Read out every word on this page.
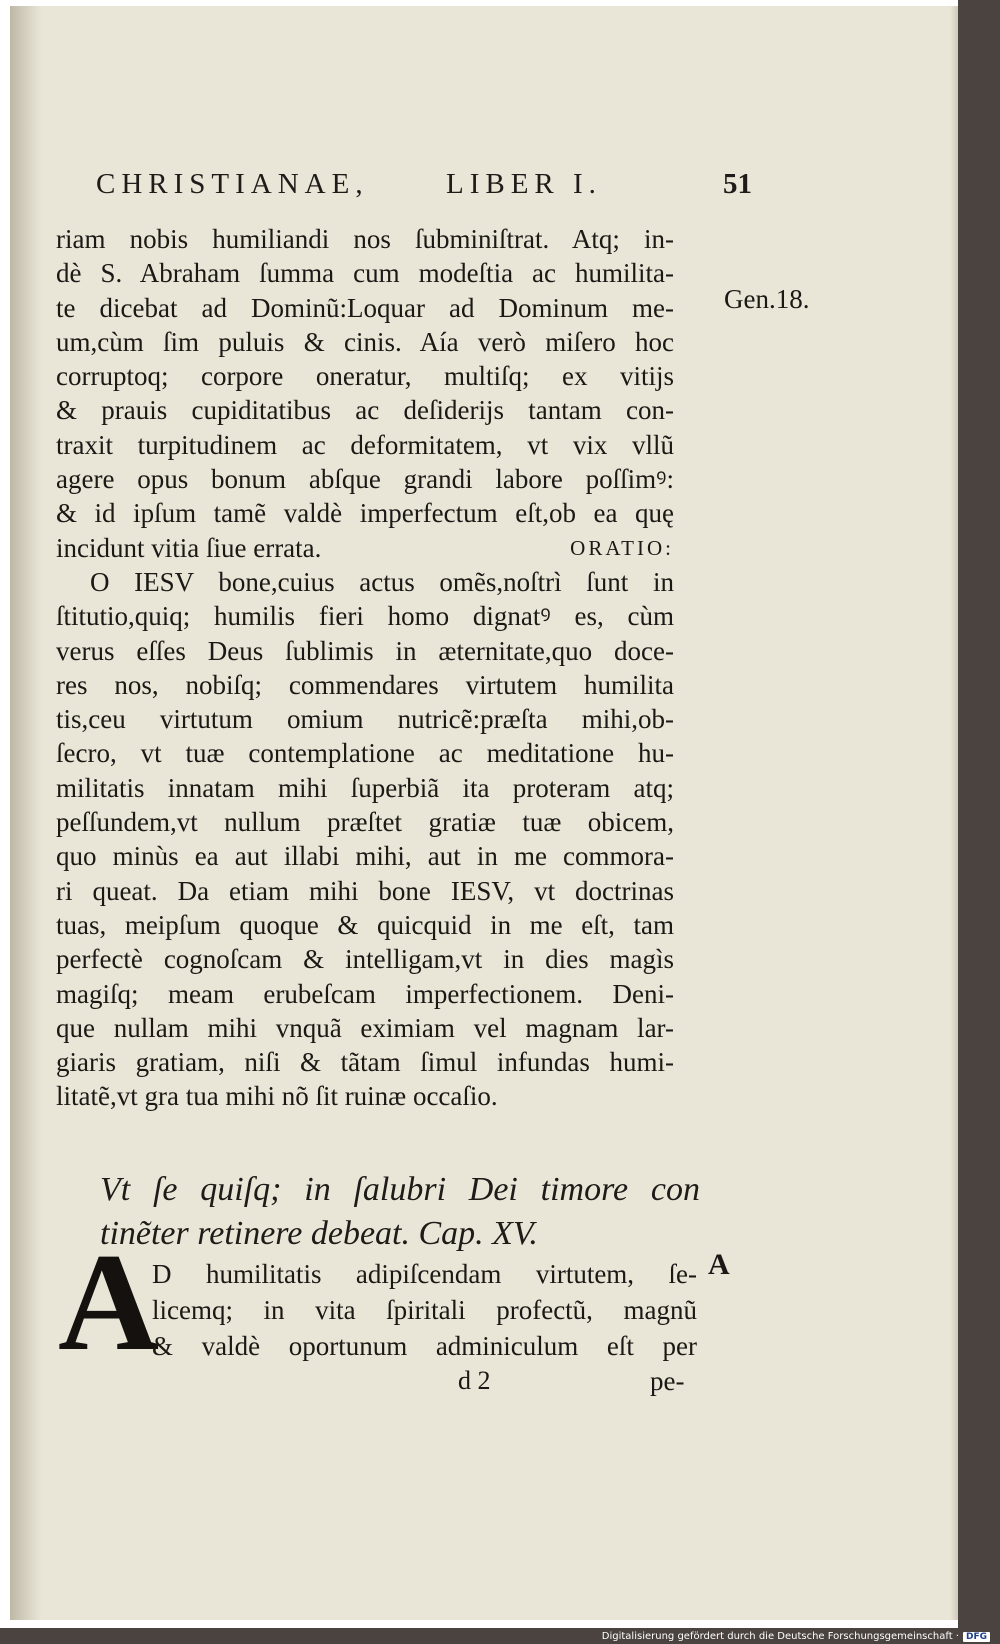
CHRISTIANAE,	LIBER I.	51
Gen.18.
riam nobis humiliandi nos ſubminiſtrat. Atq; in-
dè S. Abraham ſumma cum modeſtia ac humilita-
te dicebat ad Dominũ:Loquar ad Dominum me-
um,cùm ſim puluis & cinis. Aía verò miſero hoc
corruptoq; corpore oneratur, multiſq; ex vitijs
& prauis cupiditatibus ac deſiderijs tantam con-
traxit turpitudinem ac deformitatem, vt vix vllũ
agere opus bonum abſque grandi labore poſſimꝰ:
& id ipſum tamẽ valdè imperfectum eſt,ob ea quę
incidunt vitia ſiue errata.	ORATIO:
O IESV bone,cuius actus omẽs,noſtrì ſunt in
ſtitutio,quiq; humilis fieri homo dignatꝰ es, cùm
verus eſſes Deus ſublimis in æternitate,quo doce-
res nos, nobiſq; commendares virtutem humilita
tis,ceu virtutum omium nutricẽ:præſta mihi,ob-
ſecro, vt tuæ contemplatione ac meditatione hu-
militatis innatam mihi ſuperbiã ita proteram atq;
peſſundem,vt nullum præſtet gratiæ tuæ obicem,
quo minùs ea aut illabi mihi, aut in me commora-
ri queat. Da etiam mihi bone IESV, vt doctrinas
tuas, meipſum quoque & quicquid in me eſt, tam
perfectè cognoſcam & intelligam,vt in dies magìs
magiſq; meam erubeſcam imperfectionem. Deni-
que nullam mihi vnquã eximiam vel magnam lar-
giaris gratiam, niſi & tãtam ſimul infundas humi-
litatẽ,vt gra tua mihi nõ ſit ruinæ occaſio.
Vt ſe quiſq; in ſalubri Dei timore con
tinẽter retinere debeat. Cap. XV.
A
D humilitatis adipiſcendam virtutem, ſe-
licemq; in vita ſpiritali profectũ, magnũ
& valdè oportunum adminiculum eſt per
A
d 2	pe-
Digitalisierung gefördert durch die Deutsche Forschungsgemeinschaft · DFG
